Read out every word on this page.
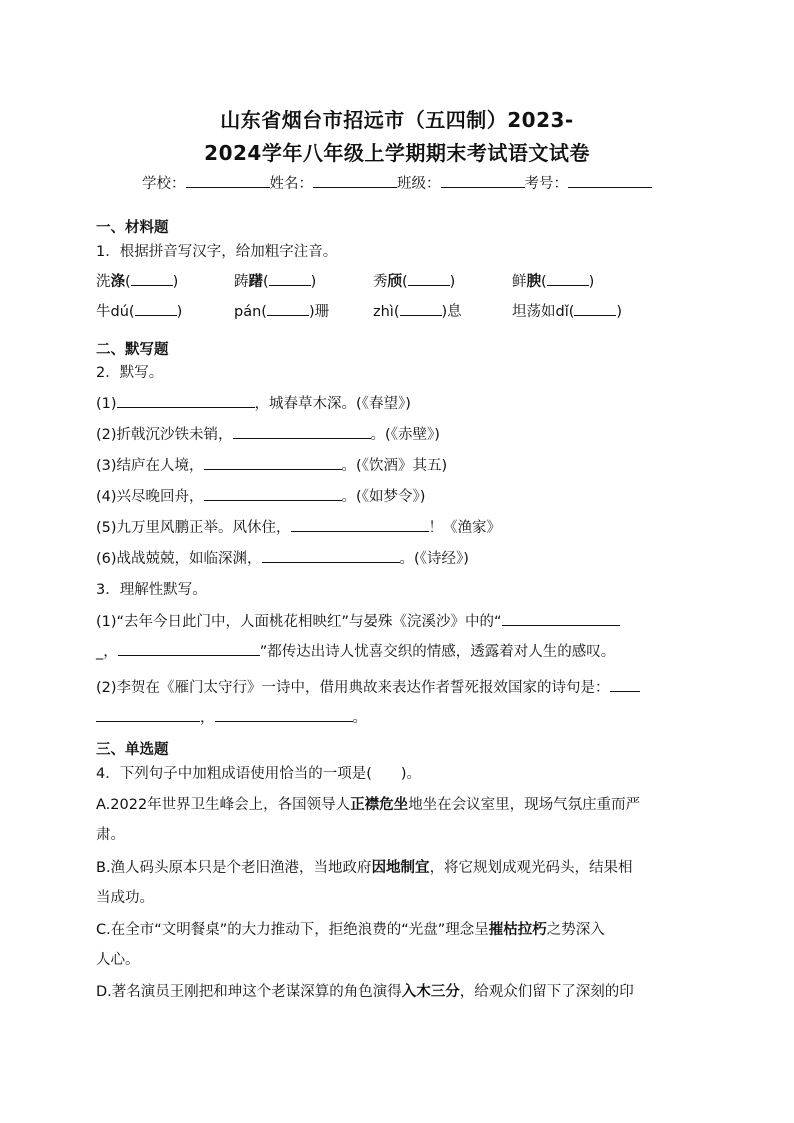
山东省烟台市招远市（五四制）2023-
2024学年八年级上学期期末考试语文试卷
学校：	姓名：	班级：	考号：
一、材料题
1．根据拼音写汉字，给加粗字注音。
洗涤(	)	踌躇(	)	秀颀(	)	鲜腴(	)
牛dú(	)	pán(	)珊	zhì(	)息	坦荡如dǐ(	)
二、默写题
2．默写。
(1)	，城春草木深。(《春望》)
(2)折戟沉沙铁未销，	。(《赤壁》)
(3)结庐在人境，	。(《饮酒》其五)
(4)兴尽晚回舟，	。(《如梦令》)
(5)九万里风鹏正举。风休住，	！《渔家》
(6)战战兢兢，如临深渊，	。(《诗经》)
3．理解性默写。
(1)“去年今日此门中，人面桃花相映红”与晏殊《浣溪沙》中的“
_，	”都传达出诗人忧喜交织的情感，透露着对人生的感叹。
(2)李贺在《雁门太守行》一诗中，借用典故来表达作者誓死报效国家的诗句是：
，	。
三、单选题
4．下列句子中加粗成语使用恰当的一项是(　　)。
A.2022年世界卫生峰会上，各国领导人正襟危坐地坐在会议室里，现场气氛庄重而严
肃。
B.渔人码头原本只是个老旧渔港，当地政府因地制宜，将它规划成观光码头，结果相
当成功。
C.在全市“文明餐桌”的大力推动下，拒绝浪费的“光盘”理念呈摧枯拉朽之势深入
人心。
D.著名演员王刚把和珅这个老谋深算的角色演得入木三分，给观众们留下了深刻的印
